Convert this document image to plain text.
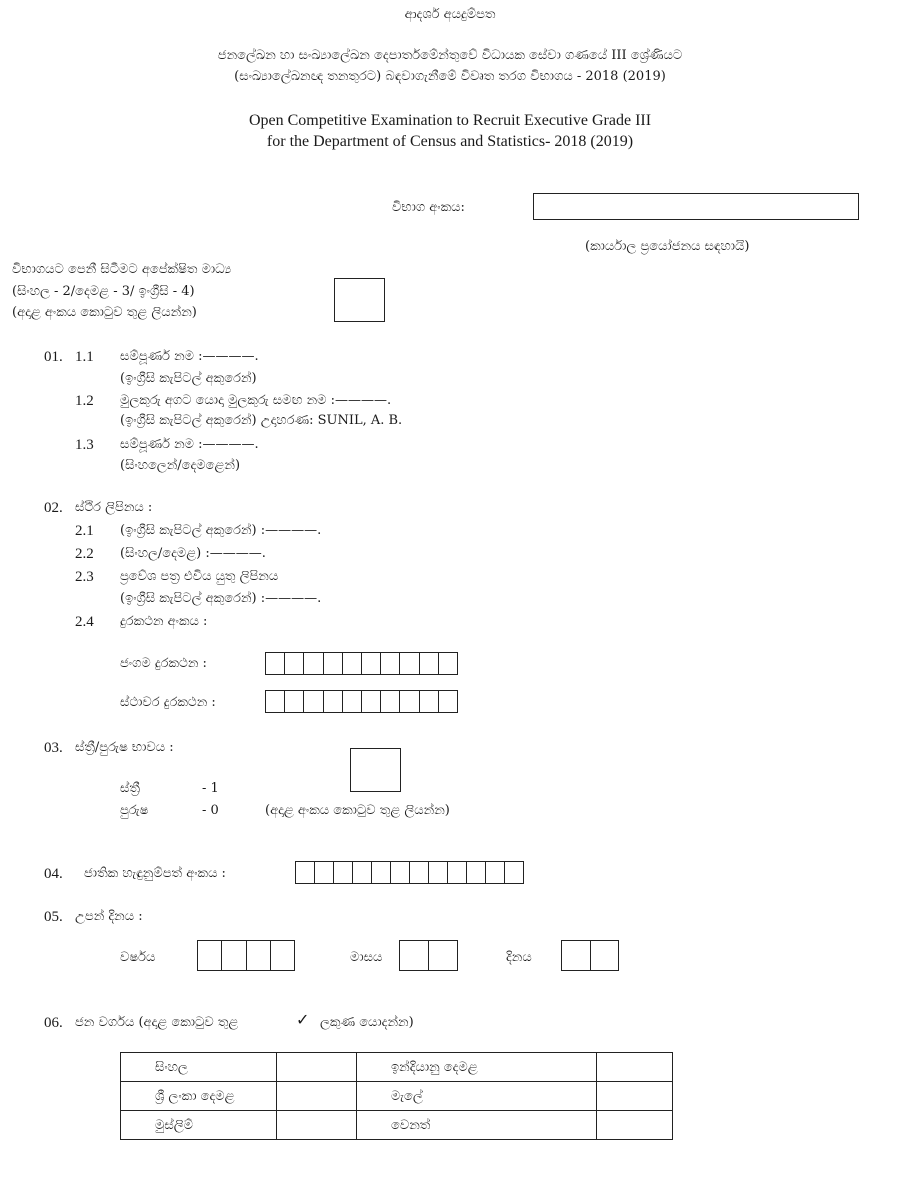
ආදර්ශ අයදුම්පත
ජනලේඛන හා සංඛ්‍යාලේඛන දෙපාර්තමේන්තුවේ විධායක සේවා ගණයේ III ශ්‍රේණියට
(සංඛ්‍යාලේඛනඥ තනතුරට) බඳවාගැනීමේ විවෘත තරග විභාගය - 2018 (2019)
Open Competitive Examination to Recruit Executive Grade III
for the Department of Census and Statistics- 2018 (2019)
විභාග අංකය:
(කාර්යාල ප්‍රයෝජනය සඳහායි)
විභාගයට පෙනී සිටීමට අපේක්ෂිත මාධ්‍ය
(සිංහල - 2/දෙමළ - 3/ ඉංග්‍රීසි - 4)
(අදාළ අංකය කොටුව තුළ ලියන්න)
01. 1.1 සම්පූර්ණ නම :————.
(ඉංග්‍රීසි කැපිටල් අකුරෙන්)
1.2 මුලකුරු අගට යොදා මුලකුරු සමඟ නම :————.
(ඉංග්‍රීසි කැපිටල් අකුරෙන්) උදාහරණ: SUNIL, A. B.
1.3 සම්පූර්ණ නම :————.
(සිංහලෙන්/දෙමළෙන්)
02. ස්ථිර ලිපිනය :
2.1 (ඉංග්‍රීසි කැපිටල් අකුරෙන්) :————.
2.2 (සිංහල/දෙමළ) :————.
2.3 ප්‍රවේශ පත්‍ර එවිය යුතු ලිපිනය
(ඉංග්‍රීසි කැපිටල් අකුරෙන්) :————.
2.4 දුරකථන අංකය :
ජංගම දුරකථන :
ස්ථාවර දුරකථන :
03. ස්ත්‍රී/පුරුෂ භාවය :
ස්ත්‍රී	- 1
පුරුෂ	- 0	(අදාළ අංකය කොටුව තුළ ලියන්න)
04. ජාතික හැඳුනුම්පත් අංකය :
05. උපන් දිනය :
වර්ෂය	මාසය	දිනය
06. ජන වර්ගය (අදාළ කොටුව තුළ	✓ ලකුණ යොදන්න)
සිංහල		ඉන්දියානු දෙමළ	
ශ්‍රී ලංකා දෙමළ		මැලේ	
මුස්ලිම්		වෙනත්	
